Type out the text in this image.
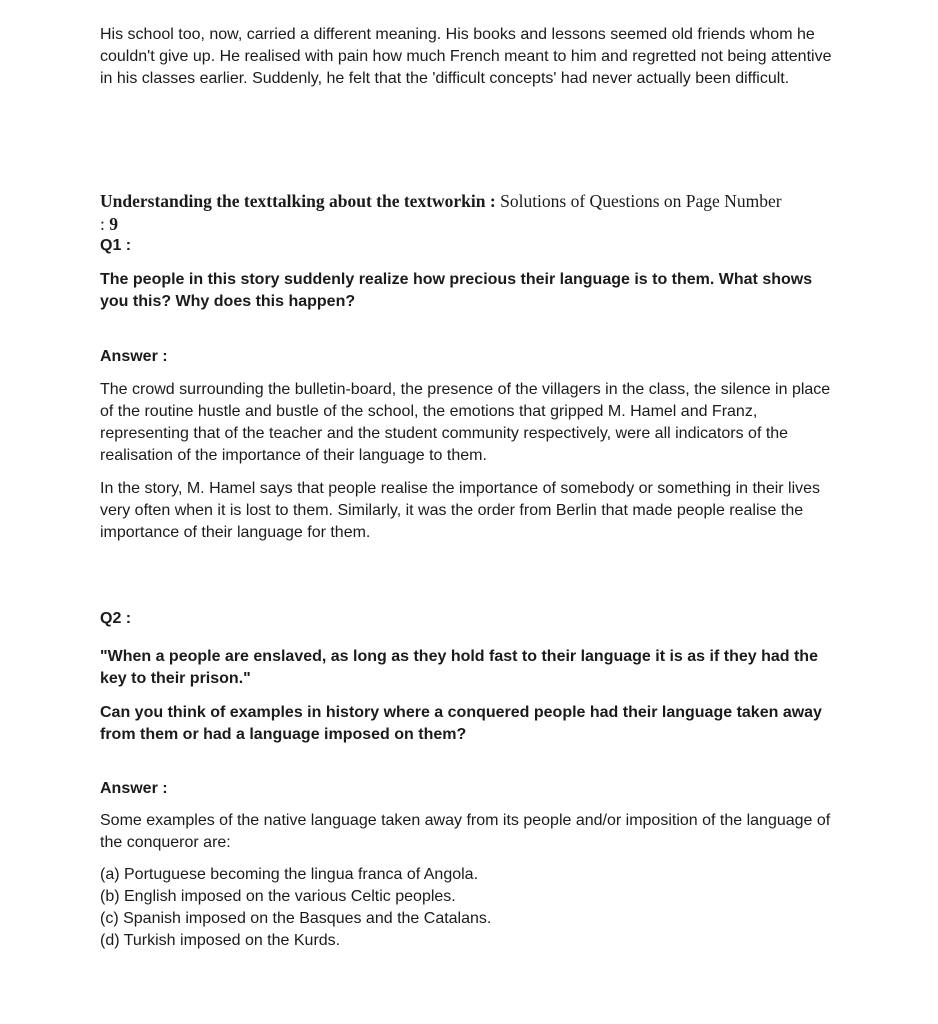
His school too, now, carried a different meaning. His books and lessons seemed old friends whom he couldn't give up. He realised with pain how much French meant to him and regretted not being attentive in his classes earlier. Suddenly, he felt that the 'difficult concepts' had never actually been difficult.

Understanding the texttalking about the textworkin : Solutions of Questions on Page Number
: 9

Q1 :

The people in this story suddenly realize how precious their language is to them. What shows you this? Why does this happen?

Answer :

The crowd surrounding the bulletin-board, the presence of the villagers in the class, the silence in place of the routine hustle and bustle of the school, the emotions that gripped M. Hamel and Franz, representing that of the teacher and the student community respectively, were all indicators of the realisation of the importance of their language to them.

In the story, M. Hamel says that people realise the importance of somebody or something in their lives very often when it is lost to them. Similarly, it was the order from Berlin that made people realise the importance of their language for them.

Q2 :

"When a people are enslaved, as long as they hold fast to their language it is as if they had the key to their prison."

Can you think of examples in history where a conquered people had their language taken away from them or had a language imposed on them?

Answer :

Some examples of the native language taken away from its people and/or imposition of the language of the conqueror are:

(a) Portuguese becoming the lingua franca of Angola.

(b) English imposed on the various Celtic peoples.

(c) Spanish imposed on the Basques and the Catalans.

(d) Turkish imposed on the Kurds.
